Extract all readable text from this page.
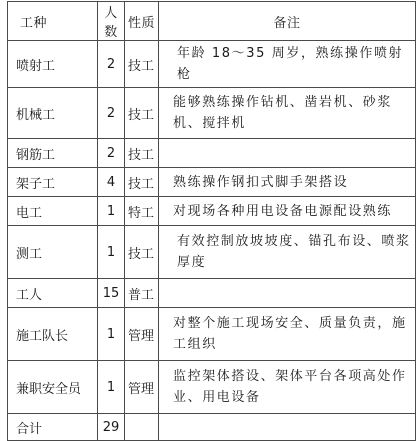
工种	人数	性质	备注
喷射工	2	技工	年龄 18～35 周岁，熟练操作喷射枪
机械工	2	技工	能够熟练操作钻机、凿岩机、砂浆机、搅拌机
钢筋工	2	技工	
架子工	4	技工	熟练操作钢扣式脚手架搭设
电工	1	特工	对现场各种用电设备电源配设熟练
测工	1	技工	有效控制放坡坡度、锚孔布设、喷浆厚度
工人	15	普工	
施工队长	1	管理	对整个施工现场安全、质量负责，施工组织
兼职安全员	1	管理	监控架体搭设、架体平台各项高处作业、用电设备
合计	29		
